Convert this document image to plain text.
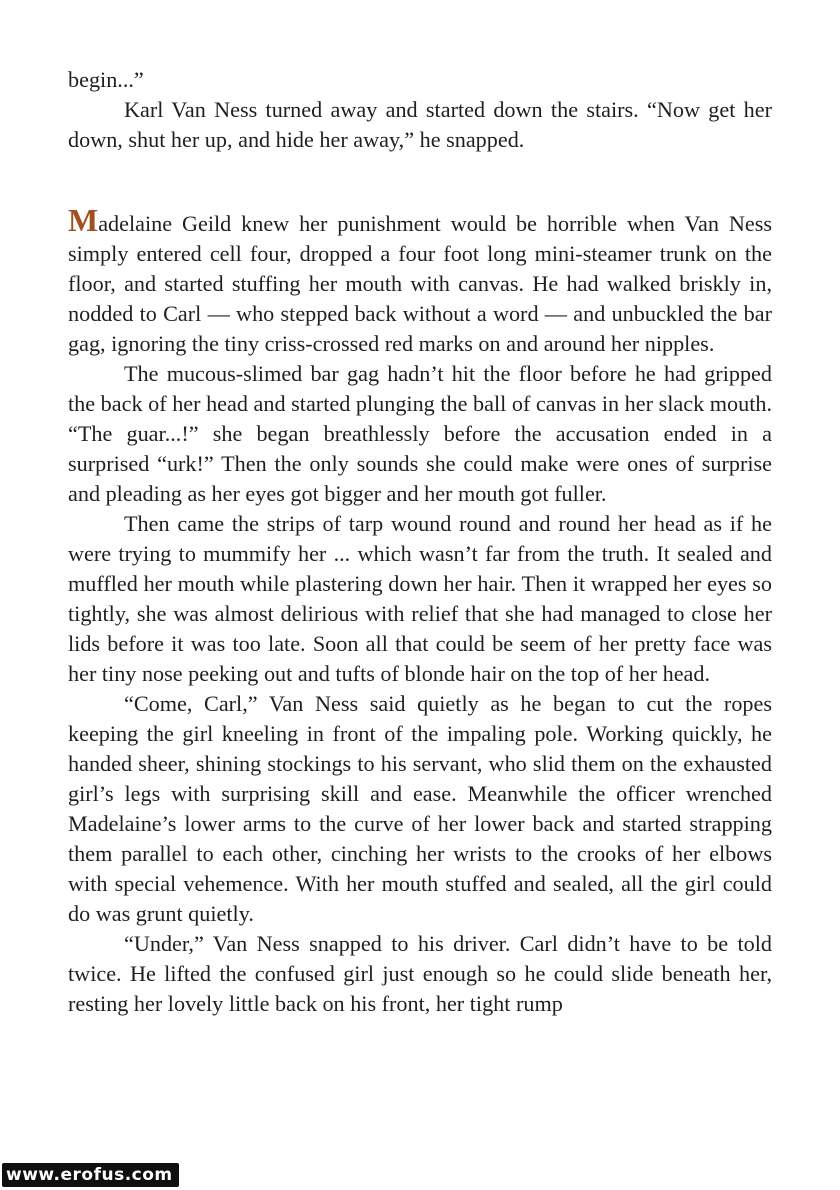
begin...”

Karl Van Ness turned away and started down the stairs. “Now get her down, shut her up, and hide her away,” he snapped.

Madelaine Geild knew her punishment would be horrible when Van Ness simply entered cell four, dropped a four foot long mini-steamer trunk on the floor, and started stuffing her mouth with canvas. He had walked briskly in, nodded to Carl — who stepped back without a word — and unbuckled the bar gag, ignoring the tiny criss-crossed red marks on and around her nipples.

The mucous-slimed bar gag hadn’t hit the floor before he had gripped the back of her head and started plunging the ball of canvas in her slack mouth. “The guar...!” she began breathlessly before the accusation ended in a surprised “urk!” Then the only sounds she could make were ones of surprise and pleading as her eyes got bigger and her mouth got fuller.

Then came the strips of tarp wound round and round her head as if he were trying to mummify her ... which wasn’t far from the truth. It sealed and muffled her mouth while plastering down her hair. Then it wrapped her eyes so tightly, she was almost delirious with relief that she had managed to close her lids before it was too late. Soon all that could be seem of her pretty face was her tiny nose peeking out and tufts of blonde hair on the top of her head.

“Come, Carl,” Van Ness said quietly as he began to cut the ropes keeping the girl kneeling in front of the impaling pole. Working quickly, he handed sheer, shining stockings to his servant, who slid them on the exhausted girl’s legs with surprising skill and ease. Meanwhile the officer wrenched Madelaine’s lower arms to the curve of her lower back and started strapping them parallel to each other, cinching her wrists to the crooks of her elbows with special vehemence. With her mouth stuffed and sealed, all the girl could do was grunt quietly.

“Under,” Van Ness snapped to his driver. Carl didn’t have to be told twice. He lifted the confused girl just enough so he could slide beneath her, resting her lovely little back on his front, her tight rump

www.erofus.com
